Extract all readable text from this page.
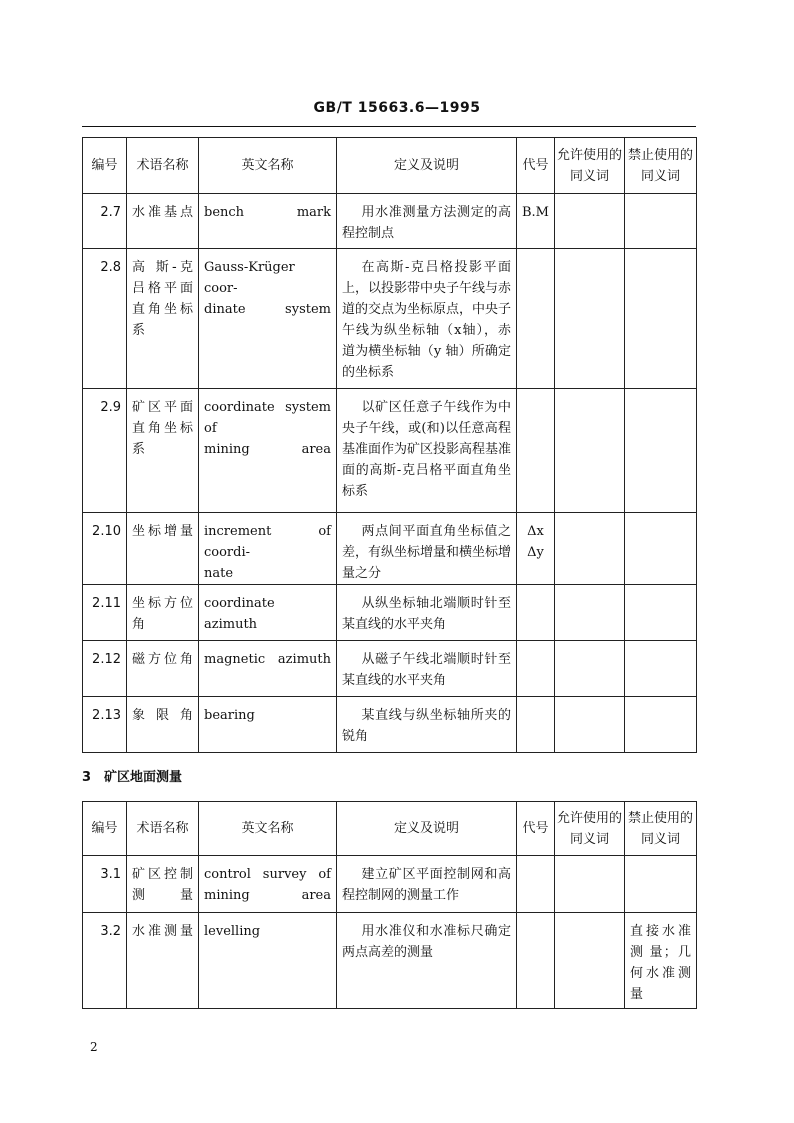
GB/T 15663.6—1995
编号	术语名称	英文名称	定义及说明	代号	允许使用的同义词	禁止使用的同义词
2.7	水准基点	bench mark	用水准测量方法测定的高程控制点	B.M		

2.8	高 斯-克
吕格平面
直角坐标
系	Gauss-Krüger coor-
dinate system	在高斯-克吕格投影平面上，以投影带中央子午线与赤道的交点为坐标原点，中央子午线为纵坐标轴（x轴），赤道为横坐标轴（y 轴）所确定的坐标系			
2.9	矿区平面
直角坐标
系	coordinate system of
mining area	以矿区任意子午线作为中央子午线，或(和)以任意高程基准面作为矿区投影高程基准面的高斯-克吕格平面直角坐标系			
2.10	坐标增量	increment of coordi-
nate	两点间平面直角坐标值之差，有纵坐标增量和横坐标增量之分	Δx
Δy		

2.11	坐标方位
角	coordinate azimuth	从纵坐标轴北端顺时针至某直线的水平夹角			
2.12	磁方位角	magnetic azimuth	从磁子午线北端顺时针至某直线的水平夹角			
2.13	象限角	bearing	某直线与纵坐标轴所夹的锐角			
3　矿区地面测量
编号	术语名称	英文名称	定义及说明	代号	允许使用的同义词	禁止使用的同义词
3.1	矿区控制
测量	control survey of
mining area	建立矿区平面控制网和高程控制网的测量工作			
3.2	水准测量	levelling	用水准仪和水准标尺确定两点高差的测量			直接水准
测 量；几
何水准测
量
2
